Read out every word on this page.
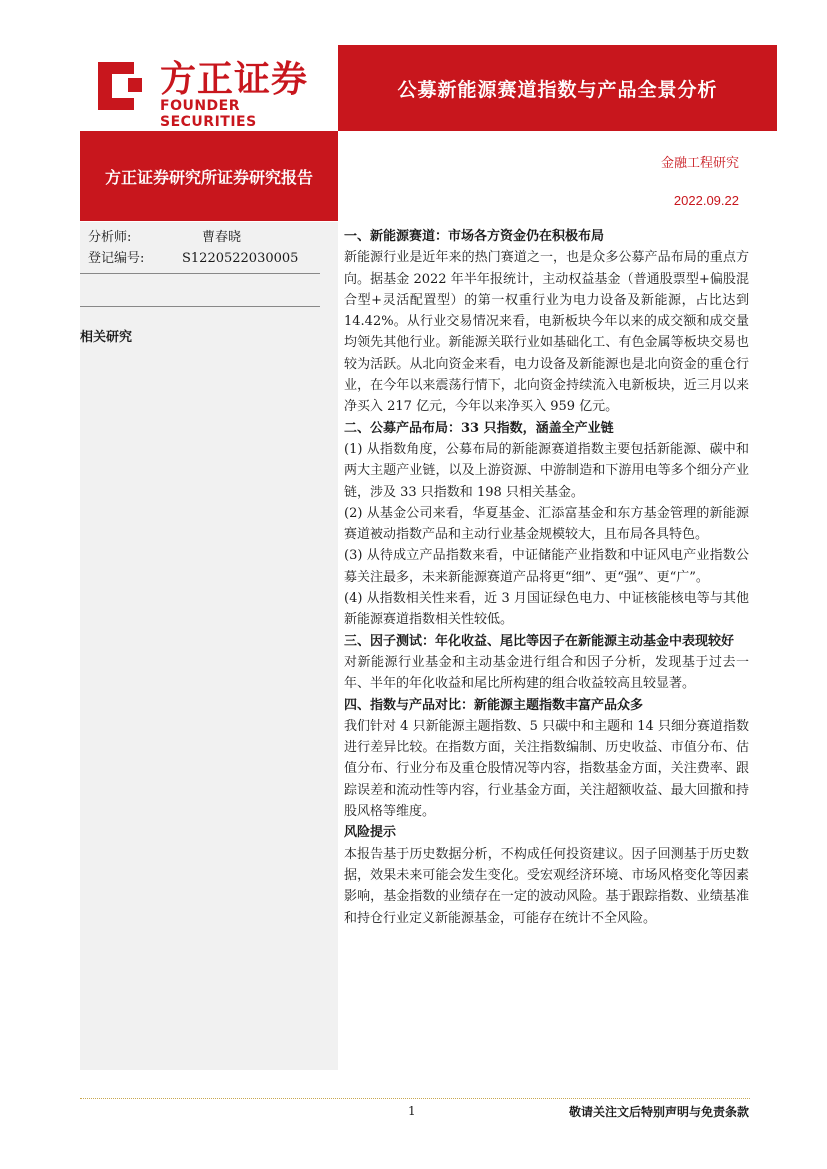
方正证券
FOUNDER SECURITIES
公募新能源赛道指数与产品全景分析
方正证券研究所证券研究报告
金融工程研究
2022.09.22
分析师:	曹春晓
登记编号:	S1220522030005
相关研究

一、新能源赛道：市场各方资金仍在积极布局

新能源行业是近年来的热门赛道之一，也是众多公募产品布局的重点方向。据基金 2022 年半年报统计，主动权益基金（普通股票型+偏股混合型+灵活配置型）的第一权重行业为电力设备及新能源，占比达到 14.42%。从行业交易情况来看，电新板块今年以来的成交额和成交量均领先其他行业。新能源关联行业如基础化工、有色金属等板块交易也较为活跃。从北向资金来看，电力设备及新能源也是北向资金的重仓行业，在今年以来震荡行情下，北向资金持续流入电新板块，近三月以来净买入 217 亿元，今年以来净买入 959 亿元。

二、公募产品布局：33 只指数，涵盖全产业链

(1) 从指数角度，公募布局的新能源赛道指数主要包括新能源、碳中和两大主题产业链，以及上游资源、中游制造和下游用电等多个细分产业链，涉及 33 只指数和 198 只相关基金。

(2) 从基金公司来看，华夏基金、汇添富基金和东方基金管理的新能源赛道被动指数产品和主动行业基金规模较大，且布局各具特色。

(3) 从待成立产品指数来看，中证储能产业指数和中证风电产业指数公募关注最多，未来新能源赛道产品将更“细”、更“强”、更“广”。

(4) 从指数相关性来看，近 3 月国证绿色电力、中证核能核电等与其他新能源赛道指数相关性较低。

三、因子测试：年化收益、尾比等因子在新能源主动基金中表现较好

对新能源行业基金和主动基金进行组合和因子分析，发现基于过去一年、半年的年化收益和尾比所构建的组合收益较高且较显著。

四、指数与产品对比：新能源主题指数丰富产品众多

我们针对 4 只新能源主题指数、5 只碳中和主题和 14 只细分赛道指数进行差异比较。在指数方面，关注指数编制、历史收益、市值分布、估值分布、行业分布及重仓股情况等内容，指数基金方面，关注费率、跟踪误差和流动性等内容，行业基金方面，关注超额收益、最大回撤和持股风格等维度。

风险提示

本报告基于历史数据分析，不构成任何投资建议。因子回测基于历史数据，效果未来可能会发生变化。受宏观经济环境、市场风格变化等因素影响，基金指数的业绩存在一定的波动风险。基于跟踪指数、业绩基准和持仓行业定义新能源基金，可能存在统计不全风险。

1	敬请关注文后特别声明与免责条款
